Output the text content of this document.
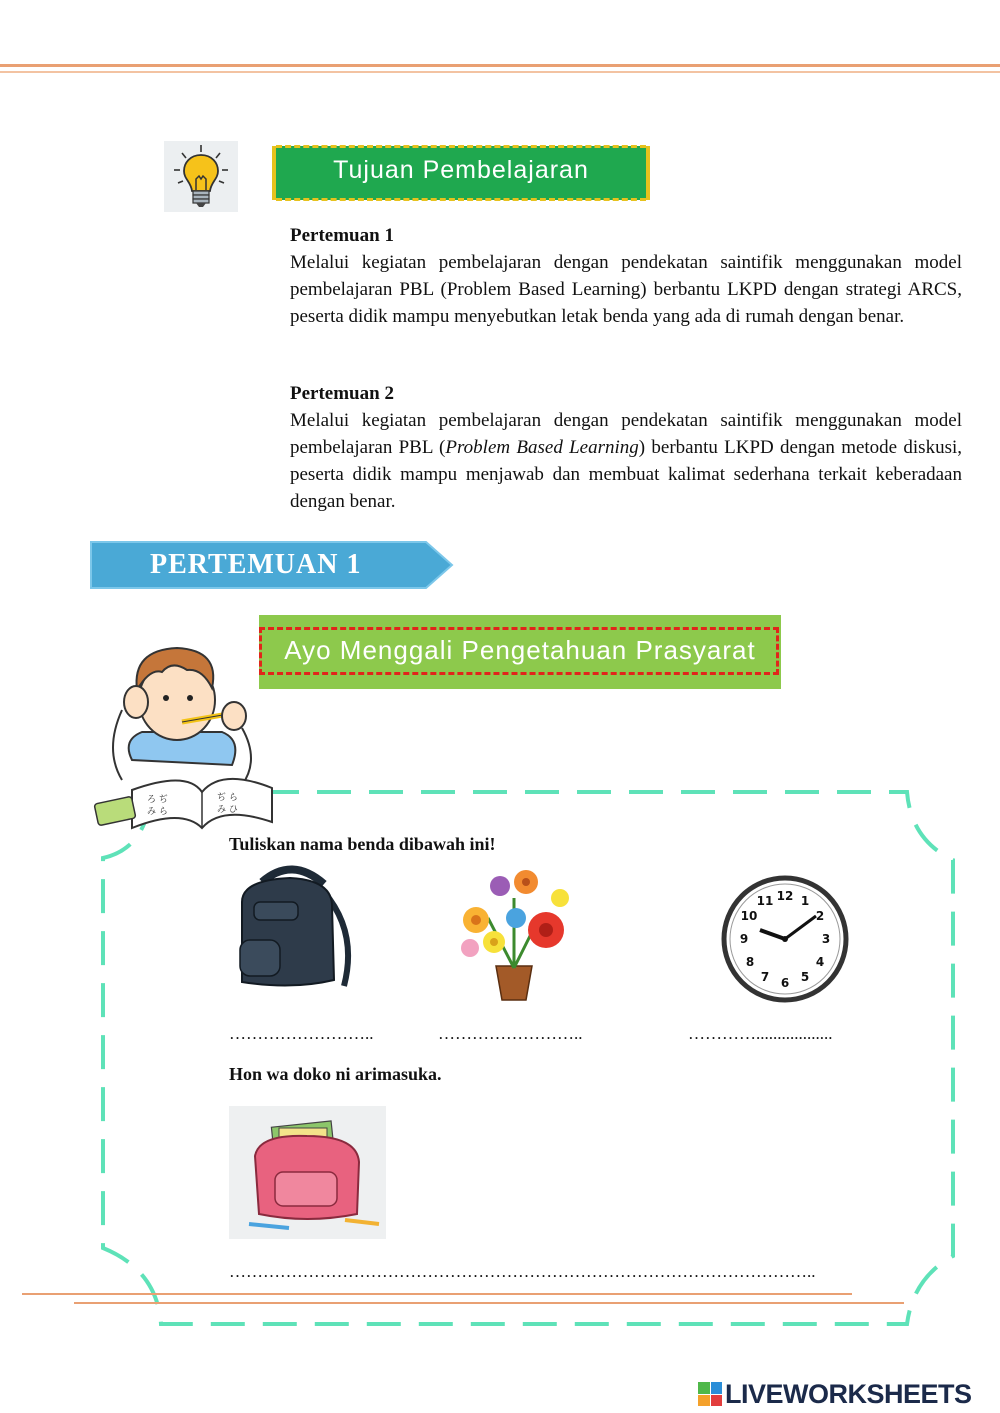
Tujuan Pembelajaran
Pertemuan 1

Melalui kegiatan pembelajaran dengan pendekatan saintifik menggunakan model pembelajaran PBL (Problem Based Learning) berbantu LKPD dengan strategi ARCS, peserta didik mampu menyebutkan letak benda yang ada di rumah dengan benar.

Pertemuan 2

Melalui kegiatan pembelajaran dengan pendekatan saintifik menggunakan model pembelajaran PBL (Problem Based Learning) berbantu LKPD dengan metode diskusi, peserta didik mampu menjawab dan membuat kalimat sederhana terkait keberadaan dengan benar.

PERTEMUAN 1
Ayo Menggali Pengetahuan Prasyarat
ろ ぢ
み ら
ぢ ら
み ひ
Tuliskan nama benda dibawah ini!
12 1
2
3
4
5
6
7
8
9
10
11
……………………..	……………………..	…………..................
Hon wa doko ni arimasuka.
…………………………………………………………………………………………..
LIVEWORKSHEETS
